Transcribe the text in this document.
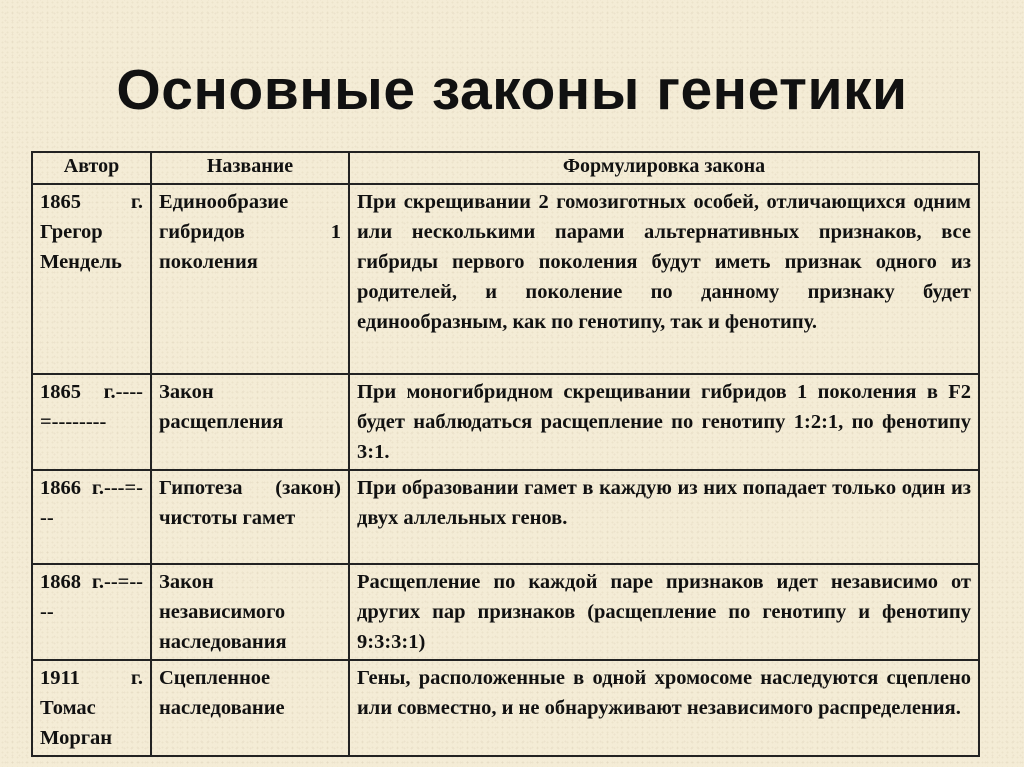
Основные законы генетики
Автор	Название	Формулировка закона
1865 г. Грегор Мендель	Единообразие гибридов 1 поколения	При скрещивании 2 гомозиготных особей, отличающихся одним или несколькими парами альтернативных признаков, все гибриды первого поколения будут иметь признак одного из родителей, и поколение по данному признаку будет единообразным, как по генотипу, так и фенотипу.
1865 г.----=--------	Закон расщепления	При моногибридном скрещивании гибридов 1 поколения в F2 будет наблюдаться расщепление по генотипу 1:2:1, по фенотипу 3:1.
1866 г.---=---	Гипотеза (закон) чистоты гамет	При образовании гамет в каждую из них попадает только один из двух аллельных генов.
1868 г.--=----	Закон независимого наследования	Расщепление по каждой паре признаков идет независимо от других пар признаков (расщепление по генотипу и фенотипу 9:3:3:1)
1911 г. Томас Морган	Сцепленное наследование	Гены, расположенные в одной хромосоме наследуются сцеплено или совместно, и не обнаруживают независимого распределения.
